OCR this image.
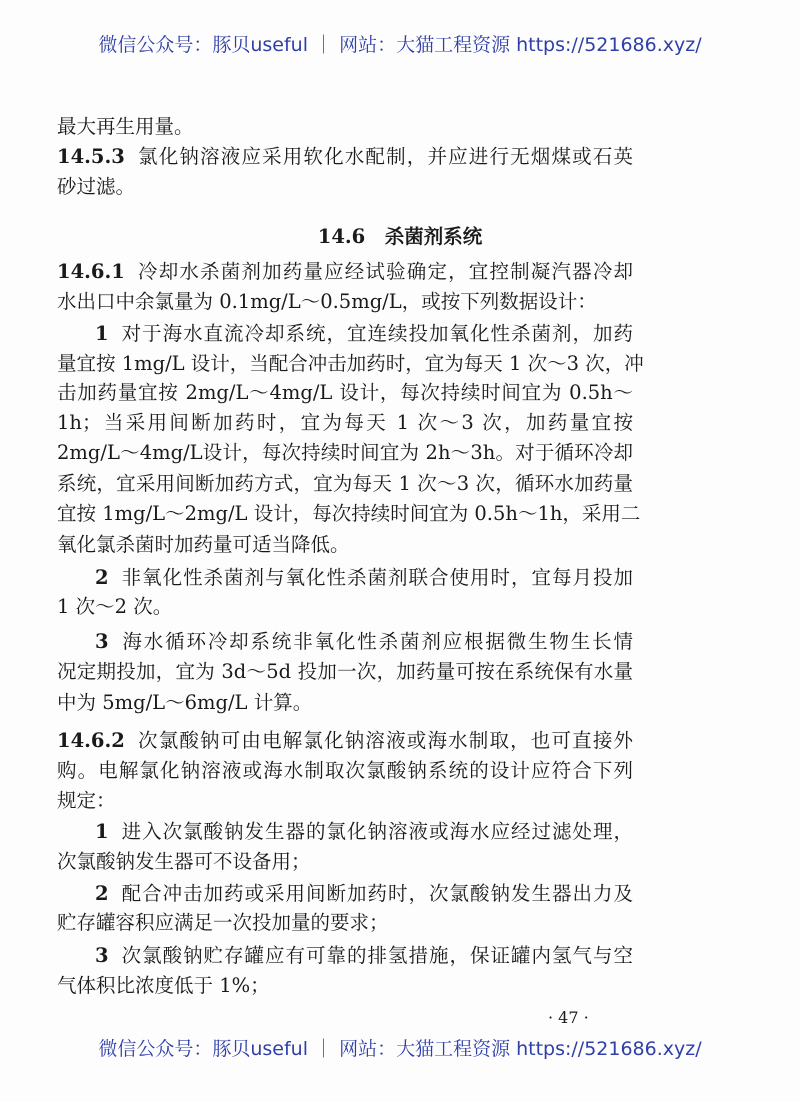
微信公众号：豚贝useful ｜ 网站：大猫工程资源 https://521686.xyz/
最大再生用量。
14.5.3 氯化钠溶液应采用软化水配制，并应进行无烟煤或石英
砂过滤。
14.6　杀菌剂系统
14.6.1 冷却水杀菌剂加药量应经试验确定，宜控制凝汽器冷却
水出口中余氯量为 0.1mg/L～0.5mg/L，或按下列数据设计：
1 对于海水直流冷却系统，宜连续投加氧化性杀菌剂，加药
量宜按 1mg/L 设计，当配合冲击加药时，宜为每天 1 次～3 次，冲
击加药量宜按 2mg/L～4mg/L 设计，每次持续时间宜为 0.5h～
1h；当采用间断加药时，宜为每天 1 次～3 次，加药量宜按
2mg/L～4mg/L设计，每次持续时间宜为 2h～3h。对于循环冷却
系统，宜采用间断加药方式，宜为每天 1 次～3 次，循环水加药量
宜按 1mg/L～2mg/L 设计，每次持续时间宜为 0.5h～1h，采用二
氧化氯杀菌时加药量可适当降低。
2 非氧化性杀菌剂与氧化性杀菌剂联合使用时，宜每月投加
1 次～2 次。
3 海水循环冷却系统非氧化性杀菌剂应根据微生物生长情
况定期投加，宜为 3d～5d 投加一次，加药量可按在系统保有水量
中为 5mg/L～6mg/L 计算。
14.6.2 次氯酸钠可由电解氯化钠溶液或海水制取，也可直接外
购。电解氯化钠溶液或海水制取次氯酸钠系统的设计应符合下列
规定：
1 进入次氯酸钠发生器的氯化钠溶液或海水应经过滤处理，
次氯酸钠发生器可不设备用；
2 配合冲击加药或采用间断加药时，次氯酸钠发生器出力及
贮存罐容积应满足一次投加量的要求；
3 次氯酸钠贮存罐应有可靠的排氢措施，保证罐内氢气与空
气体积比浓度低于 1%；
· 47 ·
微信公众号：豚贝useful ｜ 网站：大猫工程资源 https://521686.xyz/
